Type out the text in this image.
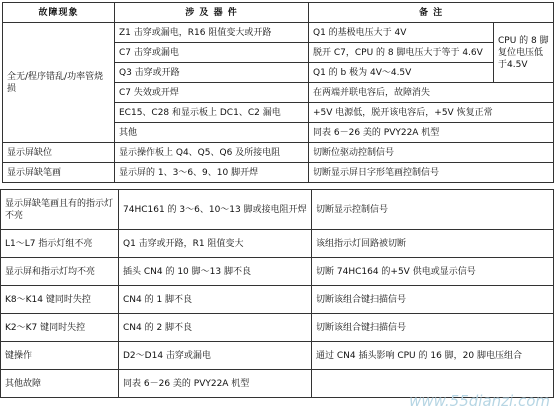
故障现象	涉 及 器 件	备 注	
全无/程序错乱/功率管烧损	Z1 击穿或漏电，R16 阻值变大或开路	Q1 的基极电压大于 4V	CPU 的 8 脚复位电压低于4.5V
	C7 击穿或漏电	脱开 C7，CPU 的 8 脚电压大于等于 4.6V	
	Q3 击穿或开路	Q1 的 b 极为 4V～4.5V	
	C7 失效或开焊	在两端并联电容后，故障消失	
	EC15、C28 和显示板上 DC1、C2 漏电	+5V 电源低，脱开该电容后，+5V 恢复正常	
	其他	同表 6－26 美的 PVY22A 机型	
显示屏缺位	显示操作板上 Q4、Q5、Q6 及所接电阻	切断位驱动控制信号	
显示屏缺笔画	显示屏的 1、3～6、9、10 脚开焊	切断显示屏日字形笔画控制信号	
显示屏缺笔画且有的指示灯不亮	74HC161 的 3～6、10～13 脚或接电阻开焊	切断显示控制信号
L1～L7 指示灯组不亮	Q1 击穿或开路，R1 阻值变大	该组指示灯回路被切断
显示屏和指示灯均不亮	插头 CN4 的 10 脚～13 脚不良	切断 74HC164 的+5V 供电或显示信号
K8～K14 键同时失控	CN4 的 1 脚不良	切断该组合键扫描信号
K2～K7 键同时失控	CN4 的 2 脚不良	切断该组合键扫描信号
键操作	D2～D14 击穿或漏电	通过 CN4 插头影响 CPU 的 16 脚，20 脚电压组合
其他故障	同表 6－26 美的 PVY22A 机型	
www.55dianzi.com
